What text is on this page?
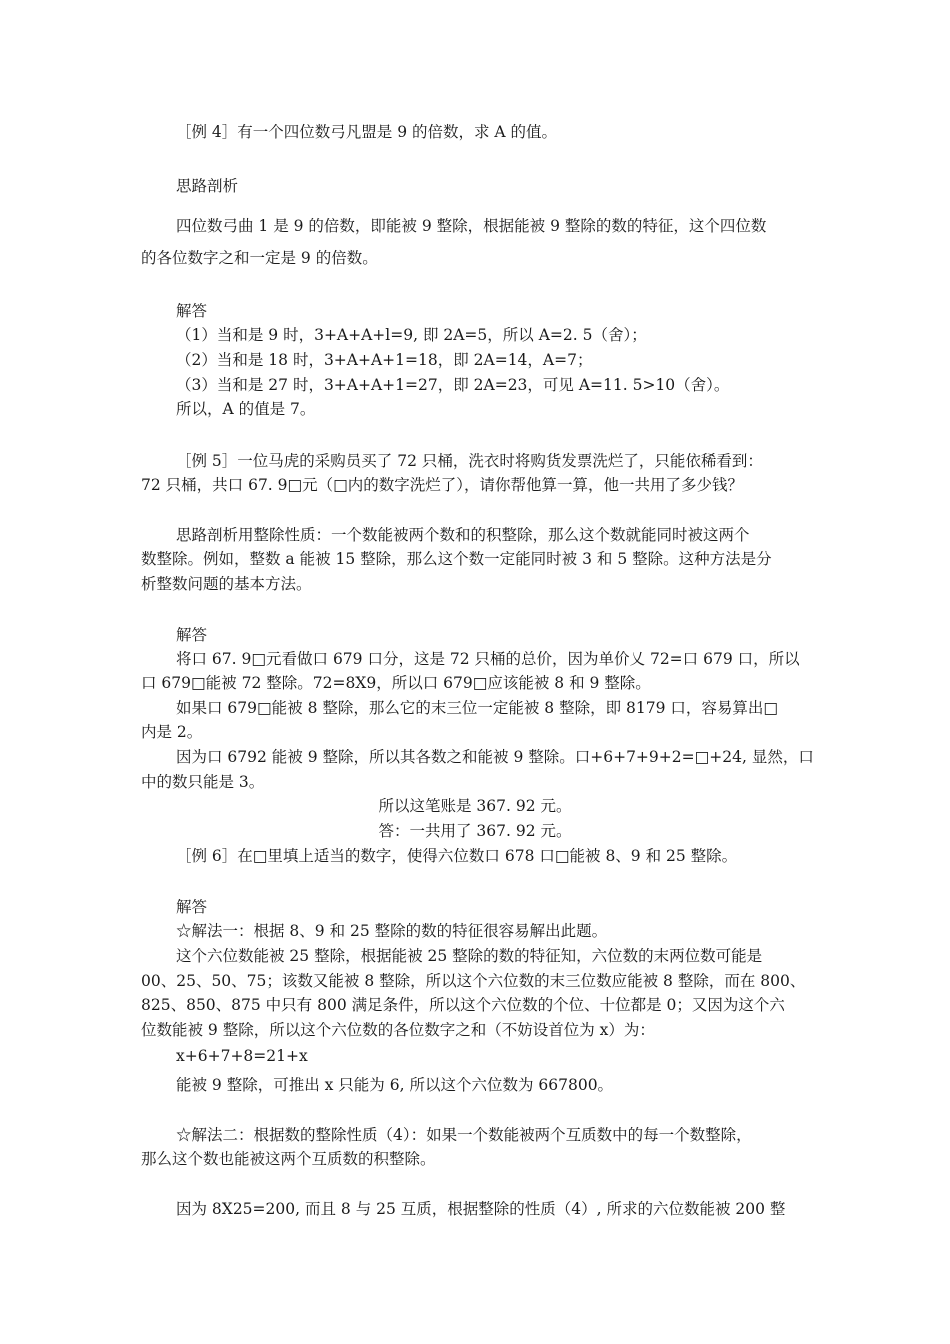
［例 4］有一个四位数弓凡盟是 9 的倍数，求 A 的值。
思路剖析
四位数弓曲 1 是 9 的倍数，即能被 9 整除，根据能被 9 整除的数的特征，这个四位数
的各位数字之和一定是 9 的倍数。
解答
（1）当和是 9 时，3+A+A+l=9, 即 2A=5，所以 A=2. 5（舍）；
（2）当和是 18 时，3+A+A+1=18，即 2A=14，A=7；
（3）当和是 27 时，3+A+A+1=27，即 2A=23，可见 A=11. 5>10（舍）。
所以，A 的值是 7。
［例 5］一位马虎的采购员买了 72 只桶，洗衣时将购货发票洗烂了，只能依稀看到：
72 只桶，共口 67. 9□元（□内的数字洗烂了），请你帮他算一算，他一共用了多少钱？
思路剖析用整除性质：一个数能被两个数和的积整除，那么这个数就能同时被这两个
数整除。例如，整数 a 能被 15 整除，那么这个数一定能同时被 3 和 5 整除。这种方法是分
析整数问题的基本方法。
解答
将口 67. 9□元看做口 679 口分，这是 72 只桶的总价，因为单价乂 72=口 679 口，所以
口 679□能被 72 整除。72=8X9，所以口 679□应该能被 8 和 9 整除。
如果口 679□能被 8 整除，那么它的末三位一定能被 8 整除，即 8179 口，容易算出□
内是 2。
因为口 6792 能被 9 整除，所以其各数之和能被 9 整除。口+6+7+9+2=□+24, 显然，口
中的数只能是 3。
所以这笔账是 367. 92 元。
答：一共用了 367. 92 元。
［例 6］在□里填上适当的数字，使得六位数口 678 口□能被 8、9 和 25 整除。
解答
☆解法一：根据 8、9 和 25 整除的数的特征很容易解出此题。
这个六位数能被 25 整除，根据能被 25 整除的数的特征知，六位数的末两位数可能是
00、25、50、75；该数又能被 8 整除，所以这个六位数的末三位数应能被 8 整除，而在 800、
825、850、875 中只有 800 满足条件，所以这个六位数的个位、十位都是 0；又因为这个六
位数能被 9 整除，所以这个六位数的各位数字之和（不妨设首位为 x）为：
x+6+7+8=21+x
能被 9 整除，可推出 x 只能为 6, 所以这个六位数为 667800。
☆解法二：根据数的整除性质（4）：如果一个数能被两个互质数中的每一个数整除，
那么这个数也能被这两个互质数的积整除。
因为 8X25=200, 而且 8 与 25 互质，根据整除的性质（4）, 所求的六位数能被 200 整
